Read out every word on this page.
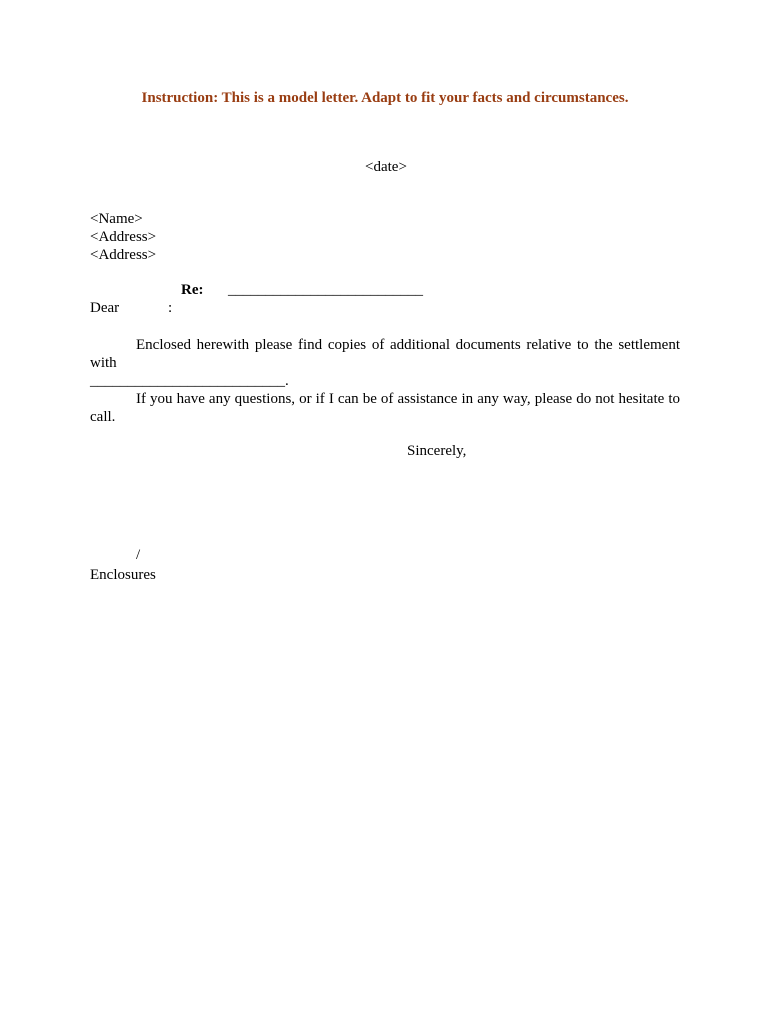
Instruction: This is a model letter. Adapt to fit your facts and circumstances.
<date>
<Name>
<Address>
<Address>
Re: __________________________
Dear	:
Enclosed herewith please find copies of additional documents relative to the settlement with
__________________________.
If you have any questions, or if I can be of assistance in any way, please do not hesitate to
call.
Sincerely,
/
Enclosures
